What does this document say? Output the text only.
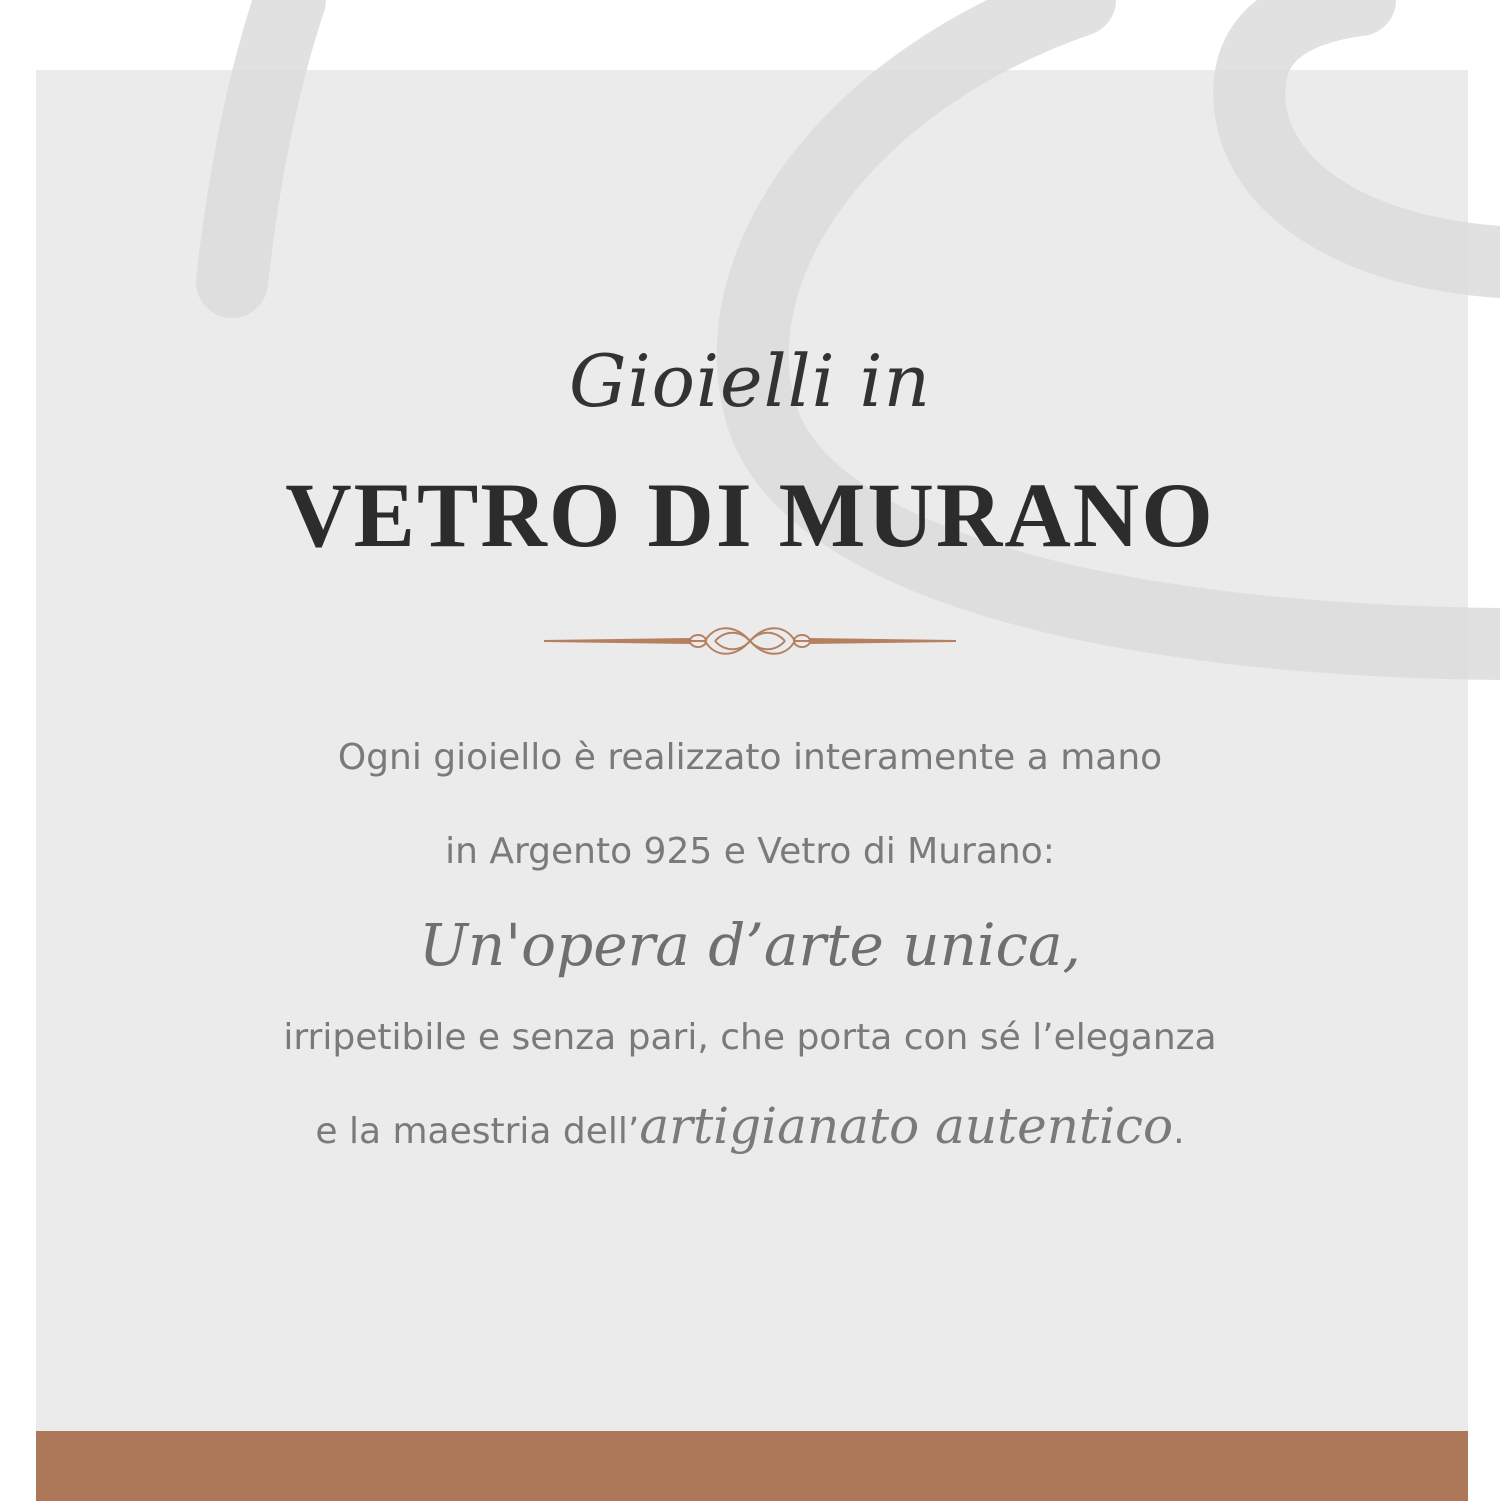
Gioielli in

VETRO DI MURANO

Ogni gioiello è realizzato interamente a mano

in Argento 925 e Vetro di Murano:

Un'opera d’arte unica,

irripetibile e senza pari, che porta con sé l’eleganza

e la maestria dell’artigianato autentico.
